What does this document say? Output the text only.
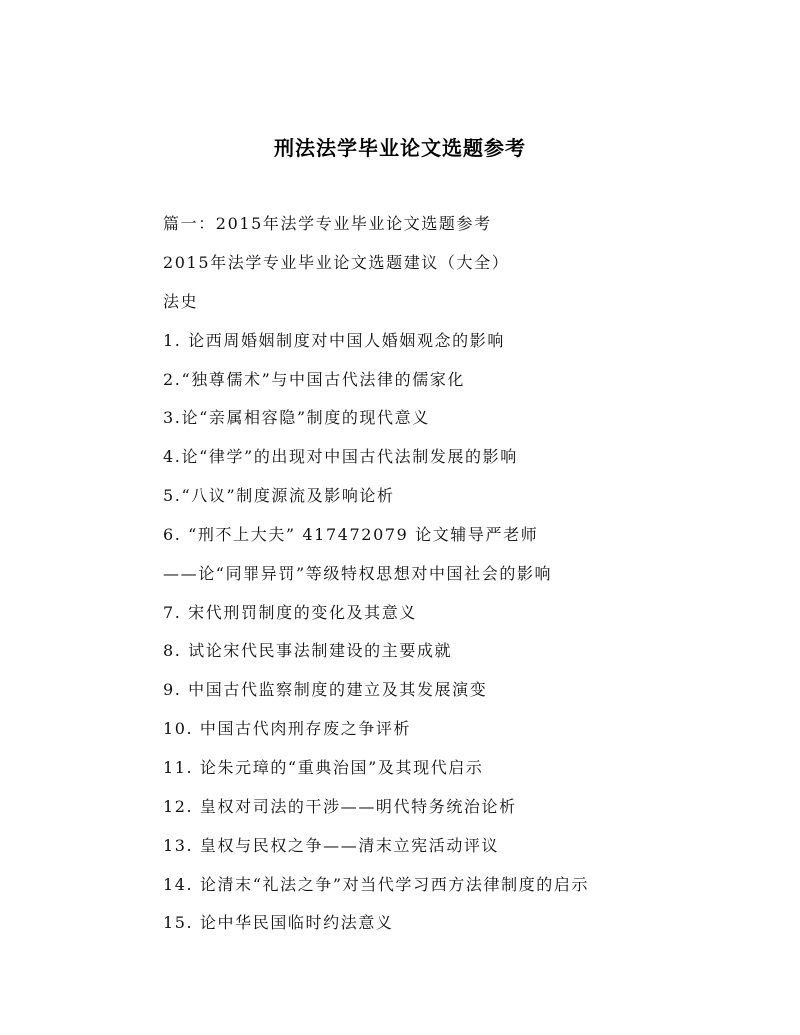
刑法法学毕业论文选题参考
篇一：2015年法学专业毕业论文选题参考
2015年法学专业毕业论文选题建议（大全）
法史
1. 论西周婚姻制度对中国人婚姻观念的影响
2.“独尊儒术”与中国古代法律的儒家化
3.论“亲属相容隐”制度的现代意义
4.论“律学”的出现对中国古代法制发展的影响
5.“八议”制度源流及影响论析
6. “刑不上大夫” 417472079 论文辅导严老师
——论“同罪异罚”等级特权思想对中国社会的影响
7. 宋代刑罚制度的变化及其意义
8. 试论宋代民事法制建设的主要成就
9. 中国古代监察制度的建立及其发展演变
10. 中国古代肉刑存废之争评析
11. 论朱元璋的“重典治国”及其现代启示
12. 皇权对司法的干涉——明代特务统治论析
13. 皇权与民权之争——清末立宪活动评议
14. 论清末“礼法之争”对当代学习西方法律制度的启示
15. 论中华民国临时约法意义
